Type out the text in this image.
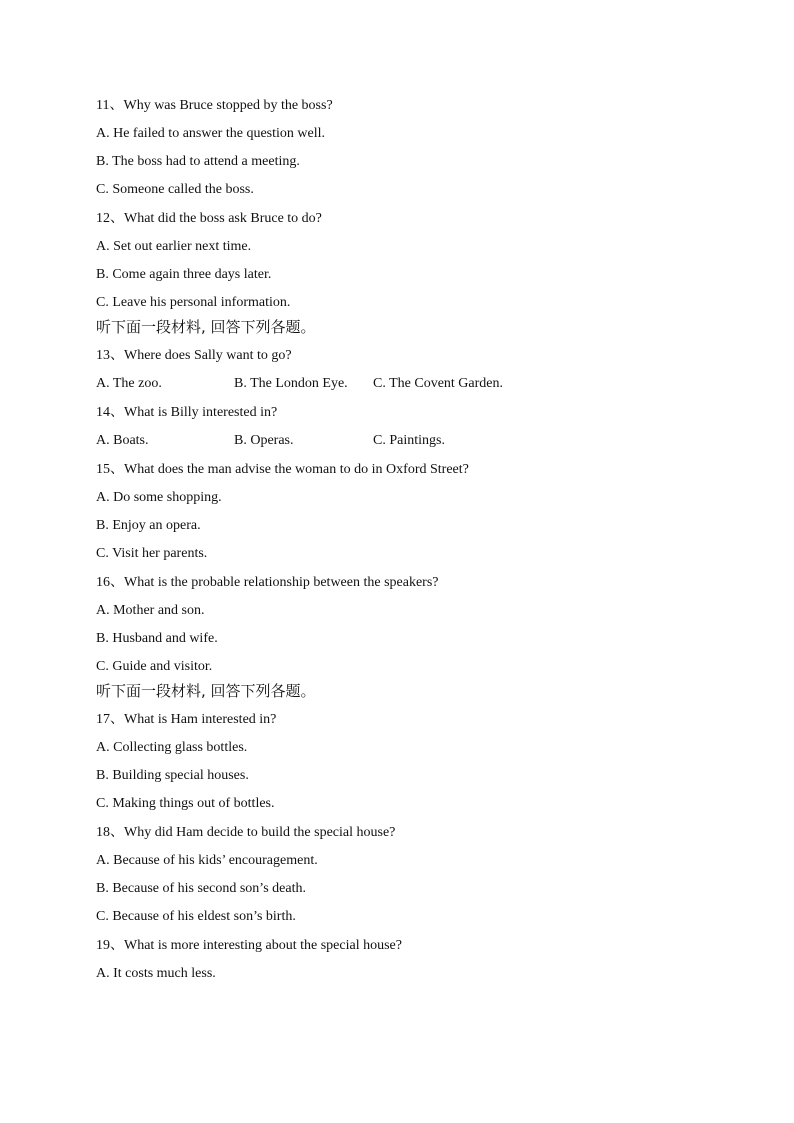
11、Why was Bruce stopped by the boss?
A. He failed to answer the question well.
B. The boss had to attend a meeting.
C. Someone called the boss.
12、What did the boss ask Bruce to do?
A. Set out earlier next time.
B. Come again three days later.
C. Leave his personal information.
听下面一段材料, 回答下列各题。
13、Where does Sally want to go?
A. The zoo.	B. The London Eye.	C. The Covent Garden.
14、What is Billy interested in?
A. Boats.	B. Operas.	C. Paintings.
15、What does the man advise the woman to do in Oxford Street?
A. Do some shopping.
B. Enjoy an opera.
C. Visit her parents.
16、What is the probable relationship between the speakers?
A. Mother and son.
B. Husband and wife.
C. Guide and visitor.
听下面一段材料, 回答下列各题。
17、What is Ham interested in?
A. Collecting glass bottles.
B. Building special houses.
C. Making things out of bottles.
18、Why did Ham decide to build the special house?
A. Because of his kids’ encouragement.
B. Because of his second son’s death.
C. Because of his eldest son’s birth.
19、What is more interesting about the special house?
A. It costs much less.
